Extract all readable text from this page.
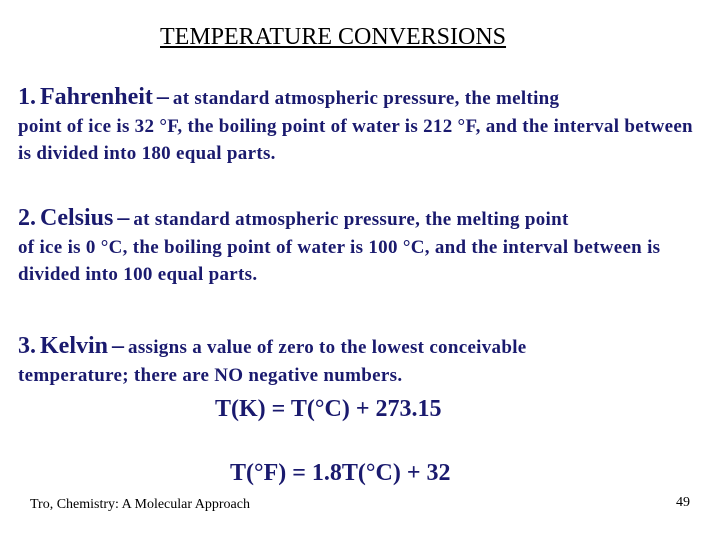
TEMPERATURE CONVERSIONS
1. Fahrenheit – at standard atmospheric pressure, the melting
point of ice is 32 °F, the boiling point of water is 212 °F, and the interval between is divided into 180 equal parts.
2. Celsius – at standard atmospheric pressure, the melting point
of ice is 0 °C, the boiling point of water is 100 °C, and the interval between is divided into 100 equal parts.
3. Kelvin – assigns a value of zero to the lowest conceivable
temperature; there are NO negative numbers.
T(K) = T(°C) + 273.15
T(°F) = 1.8T(°C) + 32
Tro, Chemistry: A Molecular Approach	49
